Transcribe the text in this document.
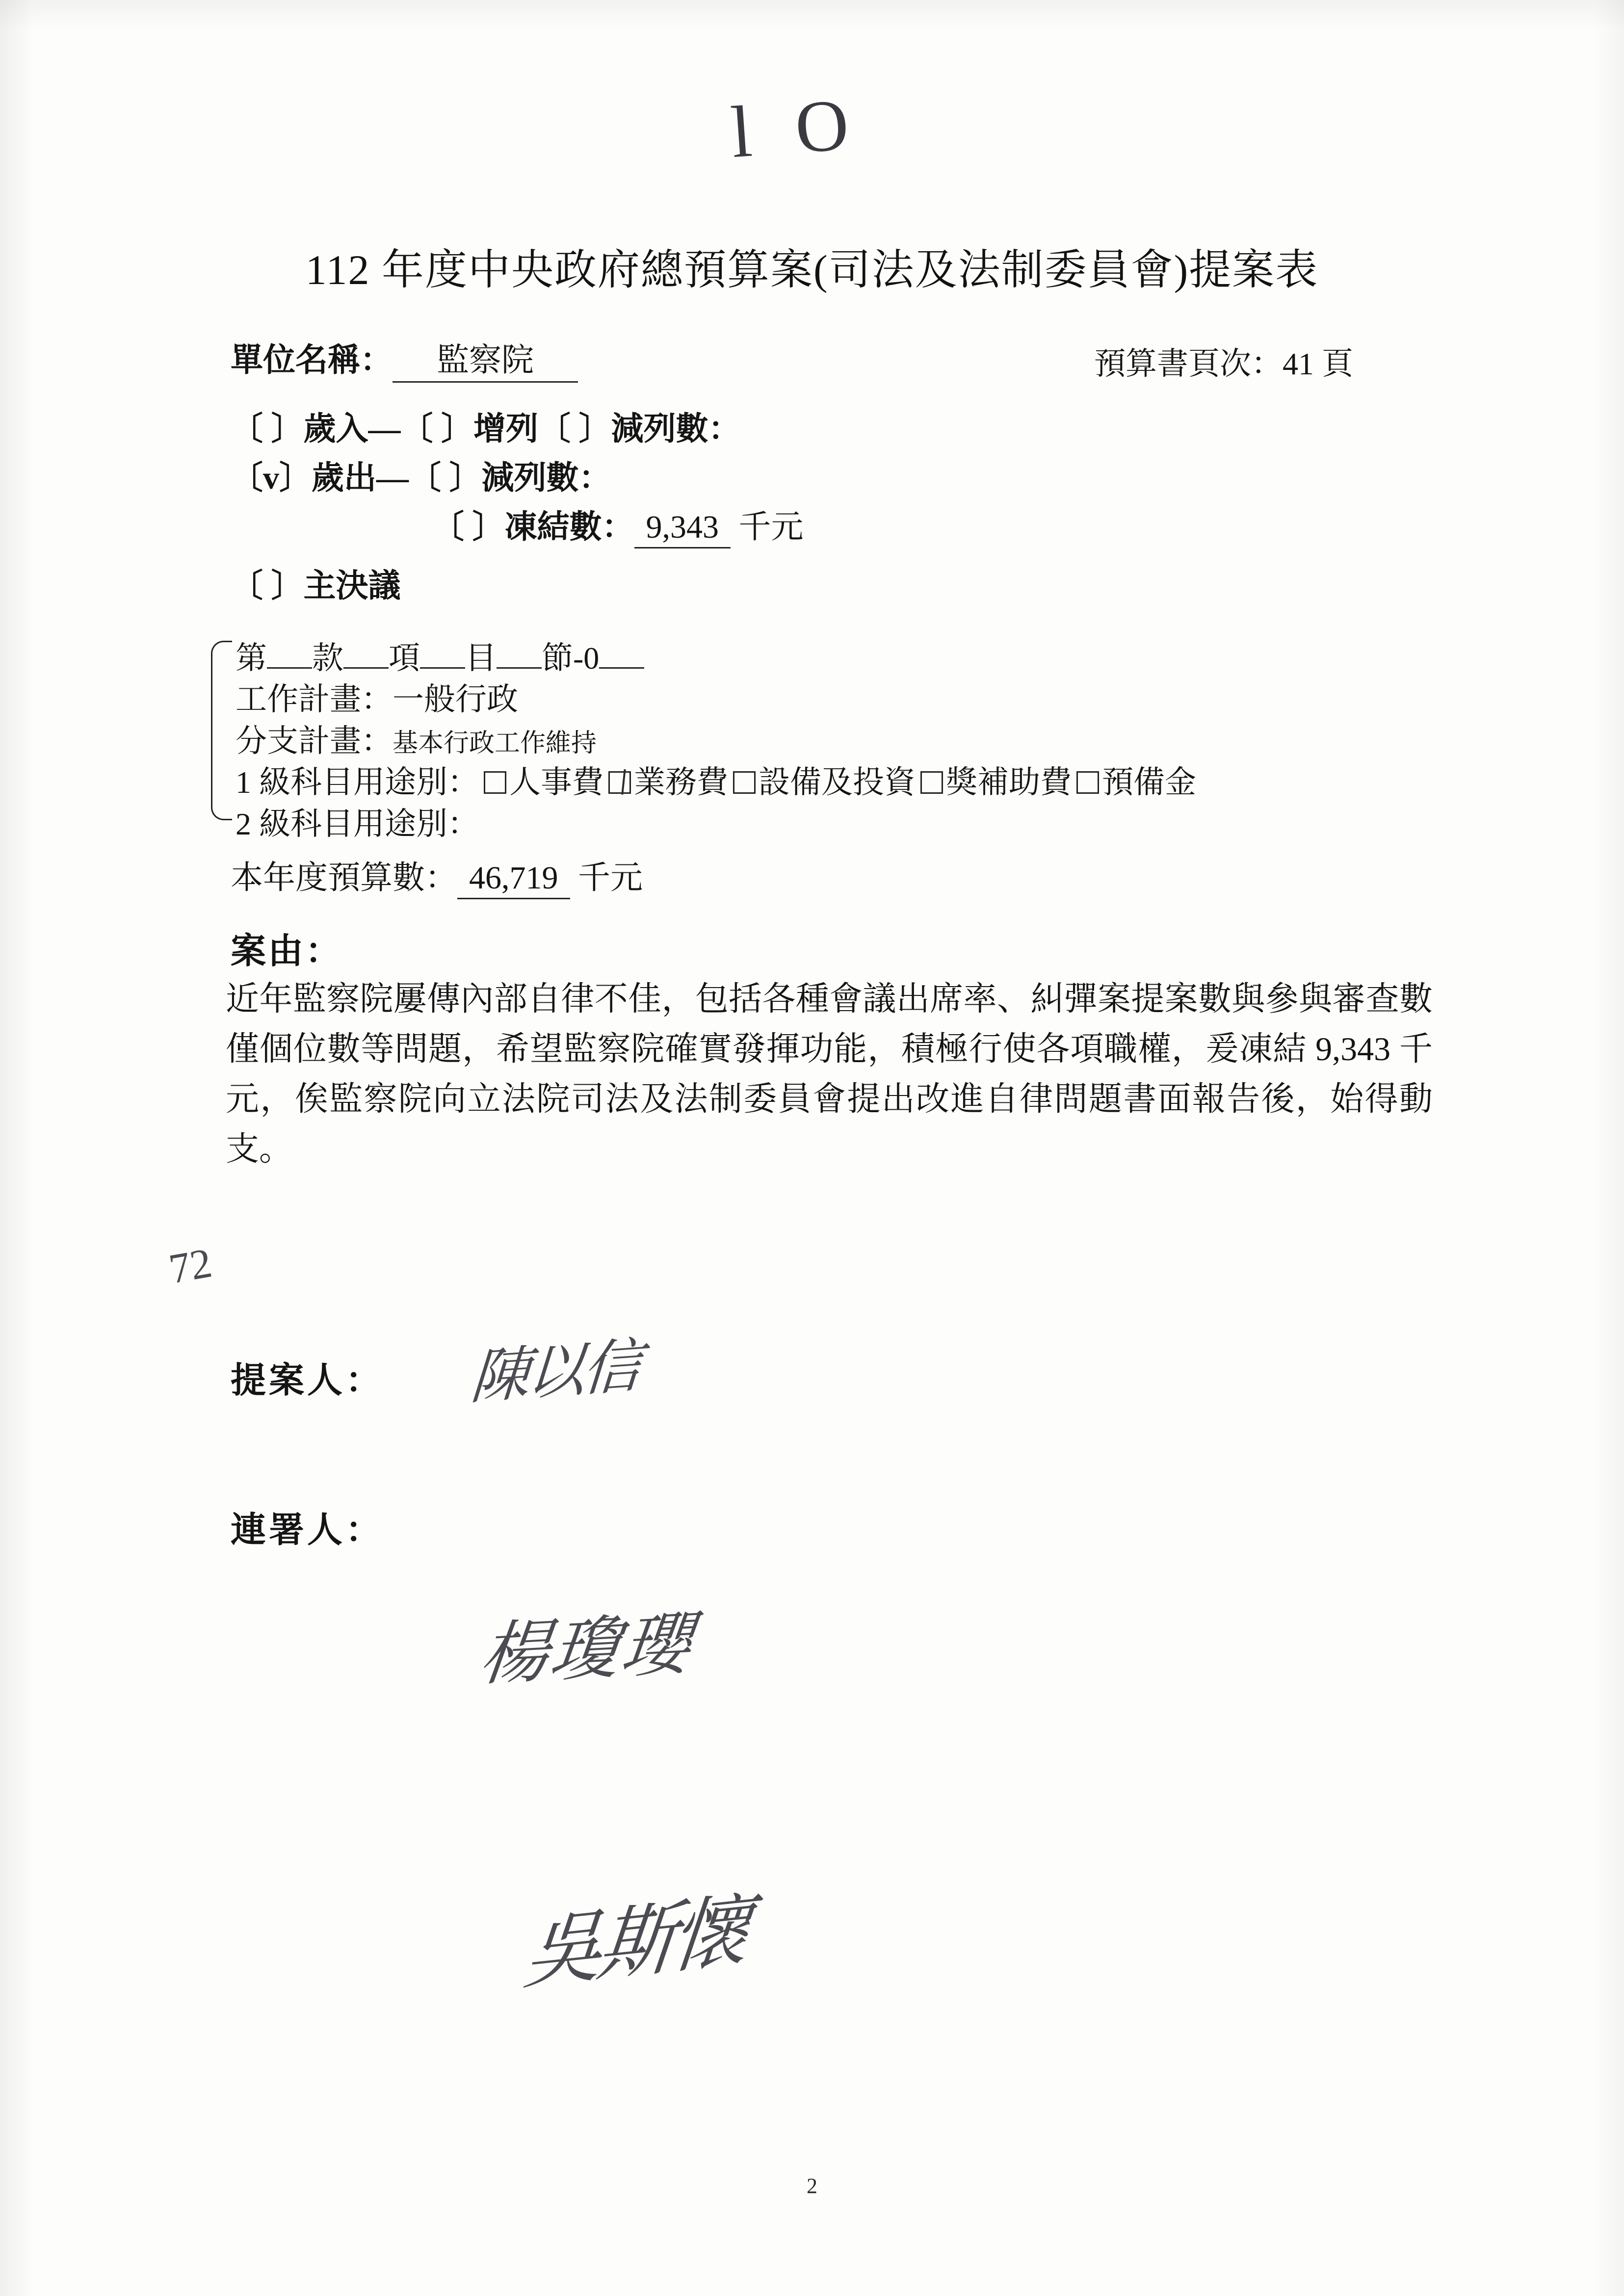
l O
112 年度中央政府總預算案(司法及法制委員會)提案表
單位名稱： 監察院	預算書頁次：41 頁
〔 〕歲入—〔 〕增列〔 〕減列數：
〔v〕歲出—〔 〕減列數：
〔 〕凍結數： 9,343 千元
〔 〕主決議
第 款 項 目 節-0
工作計畫：一般行政
分支計畫：基本行政工作維持
1 級科目用途別： 人事費 業務費 設備及投資 獎補助費 預備金
2 級科目用途別：
本年度預算數： 46,719 千元
案由：
近年監察院屢傳內部自律不佳，包括各種會議出席率、糾彈案提案數與參與審查數僅個位數等問題，希望監察院確實發揮功能，積極行使各項職權，爰凍結 9,343 千元，俟監察院向立法院司法及法制委員會提出改進自律問題書面報告後，始得動支。
72
提案人： 陳以信
連署人：
楊瓊瓔
吳斯懷
2
